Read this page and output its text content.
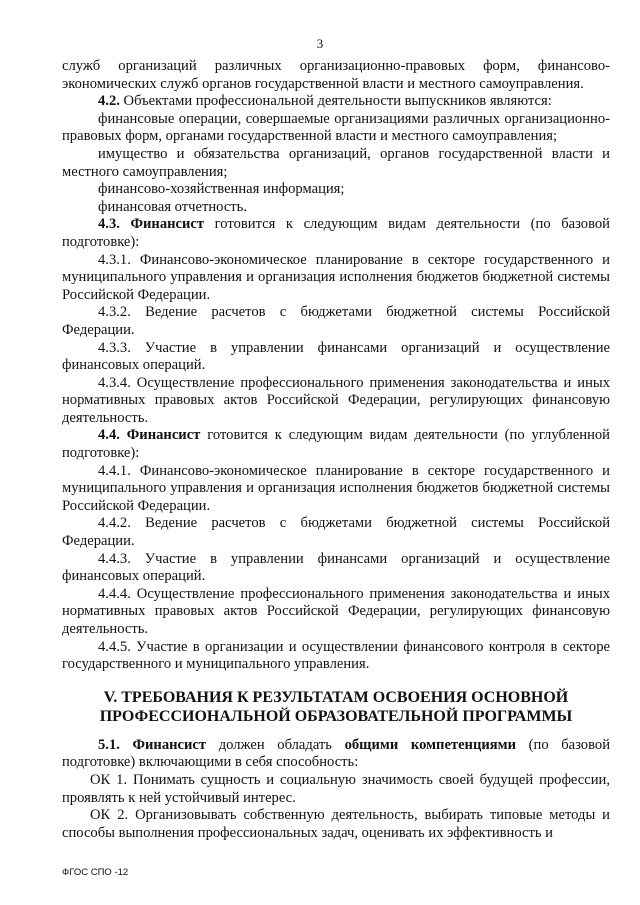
3

служб организаций различных организационно-правовых форм, финансово-экономических служб органов государственной власти и местного самоуправления.

4.2. Объектами профессиональной деятельности выпускников являются:

финансовые операции, совершаемые организациями различных организационно-правовых форм, органами государственной власти и местного самоуправления;

имущество и обязательства организаций, органов государственной власти и местного самоуправления;

финансово-хозяйственная информация;

финансовая отчетность.

4.3. Финансист готовится к следующим видам деятельности (по базовой подготовке):

4.3.1. Финансово-экономическое планирование в секторе государственного и муниципального управления и организация исполнения бюджетов бюджетной системы Российской Федерации.

4.3.2. Ведение расчетов с бюджетами бюджетной системы Российской Федерации.

4.3.3. Участие в управлении финансами организаций и осуществление финансовых операций.

4.3.4. Осуществление профессионального применения законодательства и иных нормативных правовых актов Российской Федерации, регулирующих финансовую деятельность.

4.4. Финансист готовится к следующим видам деятельности (по углубленной подготовке):

4.4.1. Финансово-экономическое планирование в секторе государственного и муниципального управления и организация исполнения бюджетов бюджетной системы Российской Федерации.

4.4.2. Ведение расчетов с бюджетами бюджетной системы Российской Федерации.

4.4.3. Участие в управлении финансами организаций и осуществление финансовых операций.

4.4.4. Осуществление профессионального применения законодательства и иных нормативных правовых актов Российской Федерации, регулирующих финансовую деятельность.

4.4.5. Участие в организации и осуществлении финансового контроля в секторе государственного и муниципального управления.

V. ТРЕБОВАНИЯ К РЕЗУЛЬТАТАМ ОСВОЕНИЯ ОСНОВНОЙ
ПРОФЕССИОНАЛЬНОЙ ОБРАЗОВАТЕЛЬНОЙ ПРОГРАММЫ

5.1. Финансист должен обладать общими компетенциями (по базовой подготовке) включающими в себя способность:

ОК 1. Понимать сущность и социальную значимость своей будущей профессии, проявлять к ней устойчивый интерес.

ОК 2. Организовывать собственную деятельность, выбирать типовые методы и способы выполнения профессиональных задач, оценивать их эффективность и

ФГОС СПО -12
